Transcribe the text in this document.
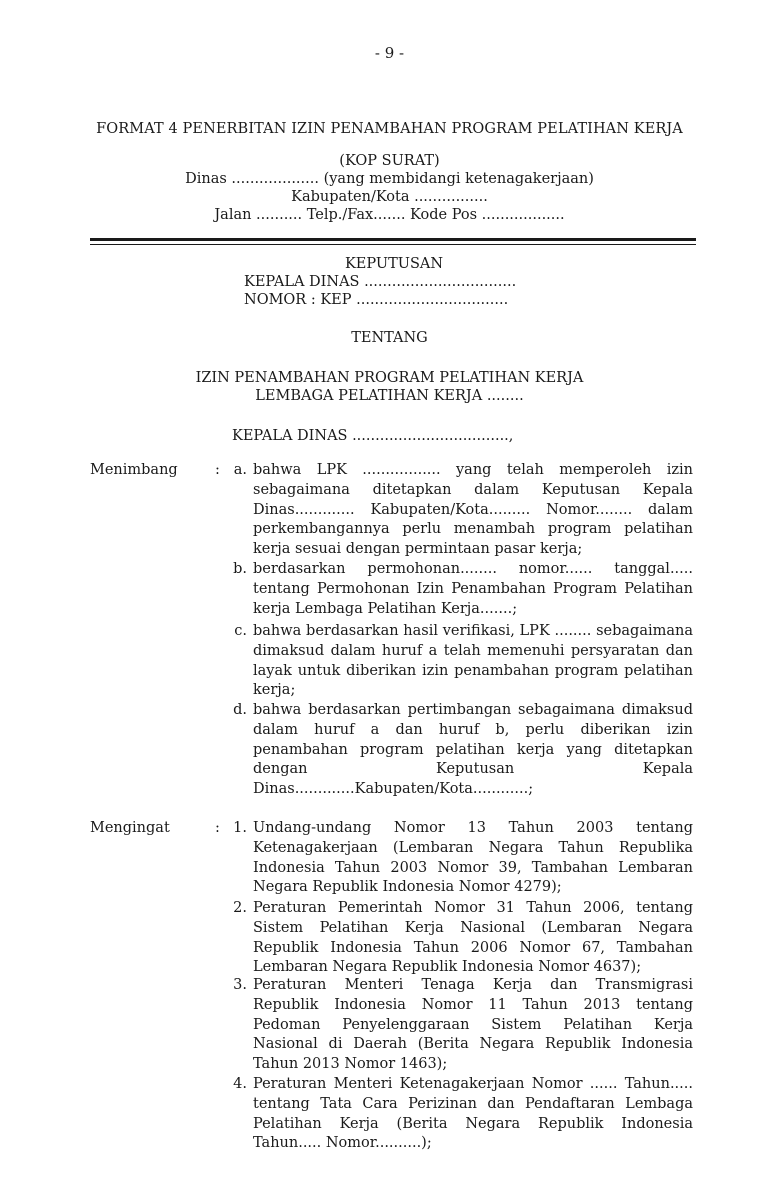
- 9 -
FORMAT 4 PENERBITAN IZIN PENAMBAHAN PROGRAM PELATIHAN KERJA
(KOP SURAT)
Dinas ................... (yang membidangi ketenagakerjaan)
Kabupaten/Kota ................
Jalan .......... Telp./Fax....... Kode Pos ..................
KEPUTUSAN
KEPALA DINAS .................................
NOMOR : KEP .................................
TENTANG
IZIN PENAMBAHAN PROGRAM PELATIHAN KERJA
LEMBAGA PELATIHAN KERJA ........
KEPALA DINAS ..................................,
Menimbang	: a. bahwa LPK ................. yang telah memperoleh izin sebagaimana ditetapkan dalam Keputusan Kepala Dinas............. Kabupaten/Kota......... Nomor........ dalam perkembangannya perlu menambah program pelatihan kerja sesuai dengan permintaan pasar kerja;
b. berdasarkan permohonan........ nomor...... tanggal..... tentang Permohonan Izin Penambahan Program Pelatihan kerja Lembaga Pelatihan Kerja.......;
c. bahwa berdasarkan hasil verifikasi, LPK ........ sebagaimana dimaksud dalam huruf a telah memenuhi persyaratan dan layak untuk diberikan izin penambahan program pelatihan kerja;
d. bahwa berdasarkan pertimbangan sebagaimana dimaksud dalam huruf a dan huruf b, perlu diberikan izin penambahan program pelatihan kerja yang ditetapkan dengan Keputusan Kepala Dinas.............Kabupaten/Kota............;
Mengingat	: 1. Undang-undang Nomor 13 Tahun 2003 tentang Ketenagakerjaan (Lembaran Negara Tahun Republika Indonesia Tahun 2003 Nomor 39, Tambahan Lembaran Negara Republik Indonesia Nomor 4279);
2. Peraturan Pemerintah Nomor 31 Tahun 2006, tentang Sistem Pelatihan Kerja Nasional (Lembaran Negara Republik Indonesia Tahun 2006 Nomor 67, Tambahan Lembaran Negara Republik Indonesia Nomor 4637);
3. Peraturan Menteri Tenaga Kerja dan Transmigrasi Republik Indonesia Nomor 11 Tahun 2013 tentang Pedoman Penyelenggaraan Sistem Pelatihan Kerja Nasional di Daerah (Berita Negara Republik Indonesia Tahun 2013 Nomor 1463);
4. Peraturan Menteri Ketenagakerjaan Nomor ...... Tahun..... tentang Tata Cara Perizinan dan Pendaftaran Lembaga Pelatihan Kerja (Berita Negara Republik Indonesia Tahun..... Nomor..........);
